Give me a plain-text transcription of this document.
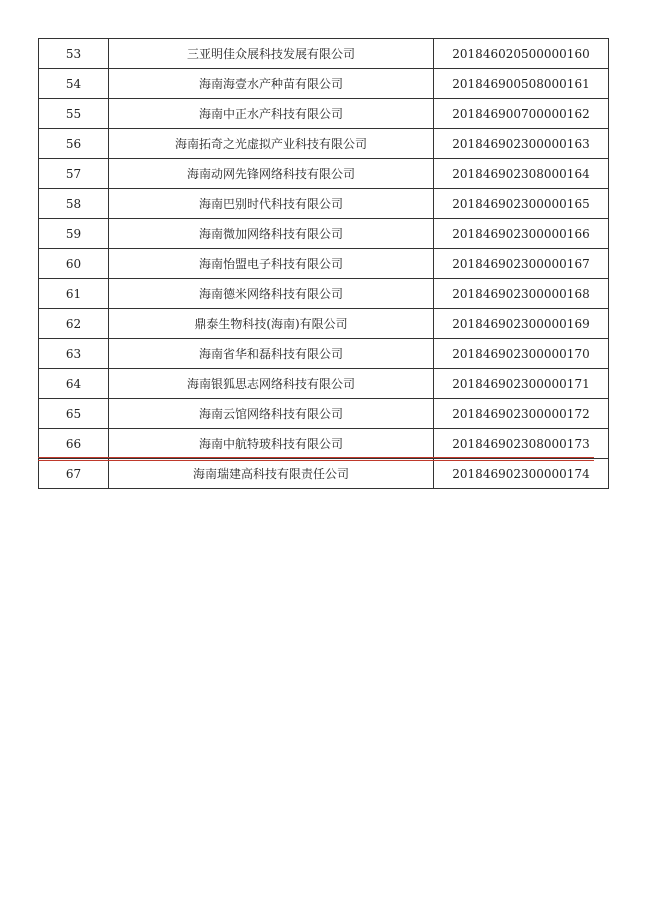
53	三亚明佳众展科技发展有限公司	201846020500000160
54	海南海壹水产种苗有限公司	201846900508000161
55	海南中正水产科技有限公司	201846900700000162
56	海南拓奇之光虚拟产业科技有限公司	201846902300000163
57	海南动网先锋网络科技有限公司	201846902308000164
58	海南巴别时代科技有限公司	201846902300000165
59	海南微加网络科技有限公司	201846902300000166
60	海南怡盟电子科技有限公司	201846902300000167
61	海南德米网络科技有限公司	201846902300000168
62	鼎泰生物科技(海南)有限公司	201846902300000169
63	海南省华和磊科技有限公司	201846902300000170
64	海南银狐思志网络科技有限公司	201846902300000171
65	海南云馆网络科技有限公司	201846902300000172
66	海南中航特玻科技有限公司	201846902308000173
67	海南瑞建高科技有限责任公司	201846902300000174
